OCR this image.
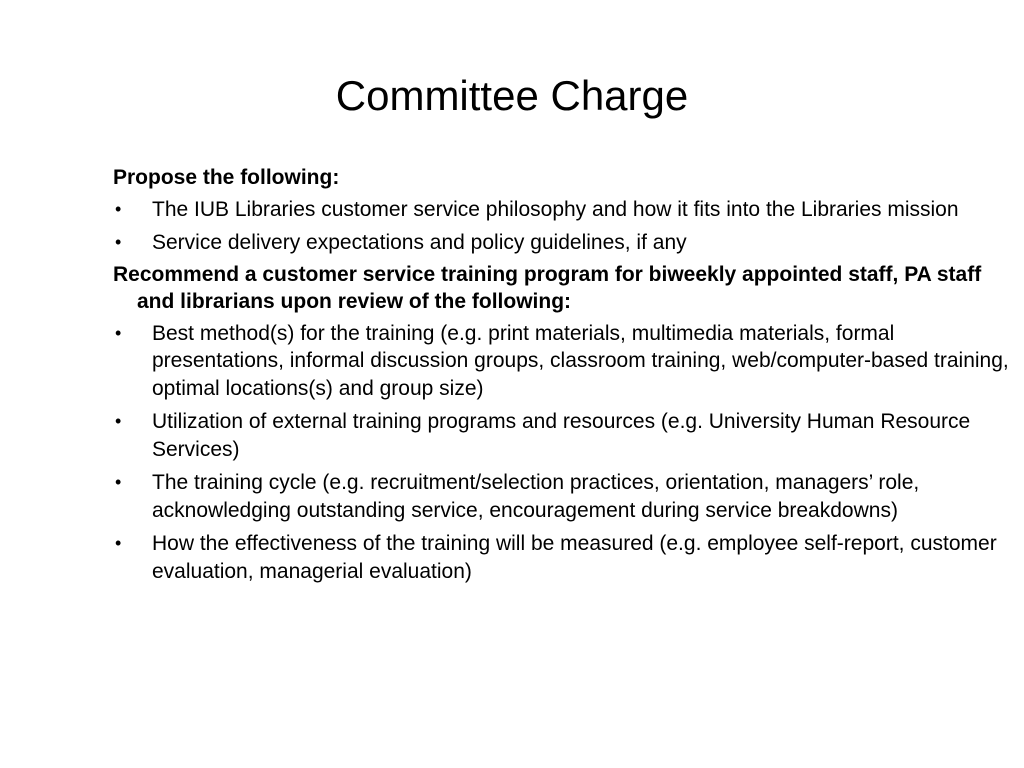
Committee Charge

Propose the following:

•	The IUB Libraries customer service philosophy and how it fits into the Libraries mission
•	Service delivery expectations and policy guidelines, if any

Recommend a customer service training program for biweekly appointed staff, PA staff and librarians upon review of the following:

•	Best method(s) for the training (e.g. print materials, multimedia materials, formal presentations, informal discussion groups, classroom training, web/computer-based training, optimal locations(s) and group size)
•	Utilization of external training programs and resources (e.g. University Human Resource Services)
•	The training cycle (e.g. recruitment/selection practices, orientation, managers’ role, acknowledging outstanding service, encouragement during service breakdowns)
•	How the effectiveness of the training will be measured (e.g. employee self-report, customer evaluation, managerial evaluation)
